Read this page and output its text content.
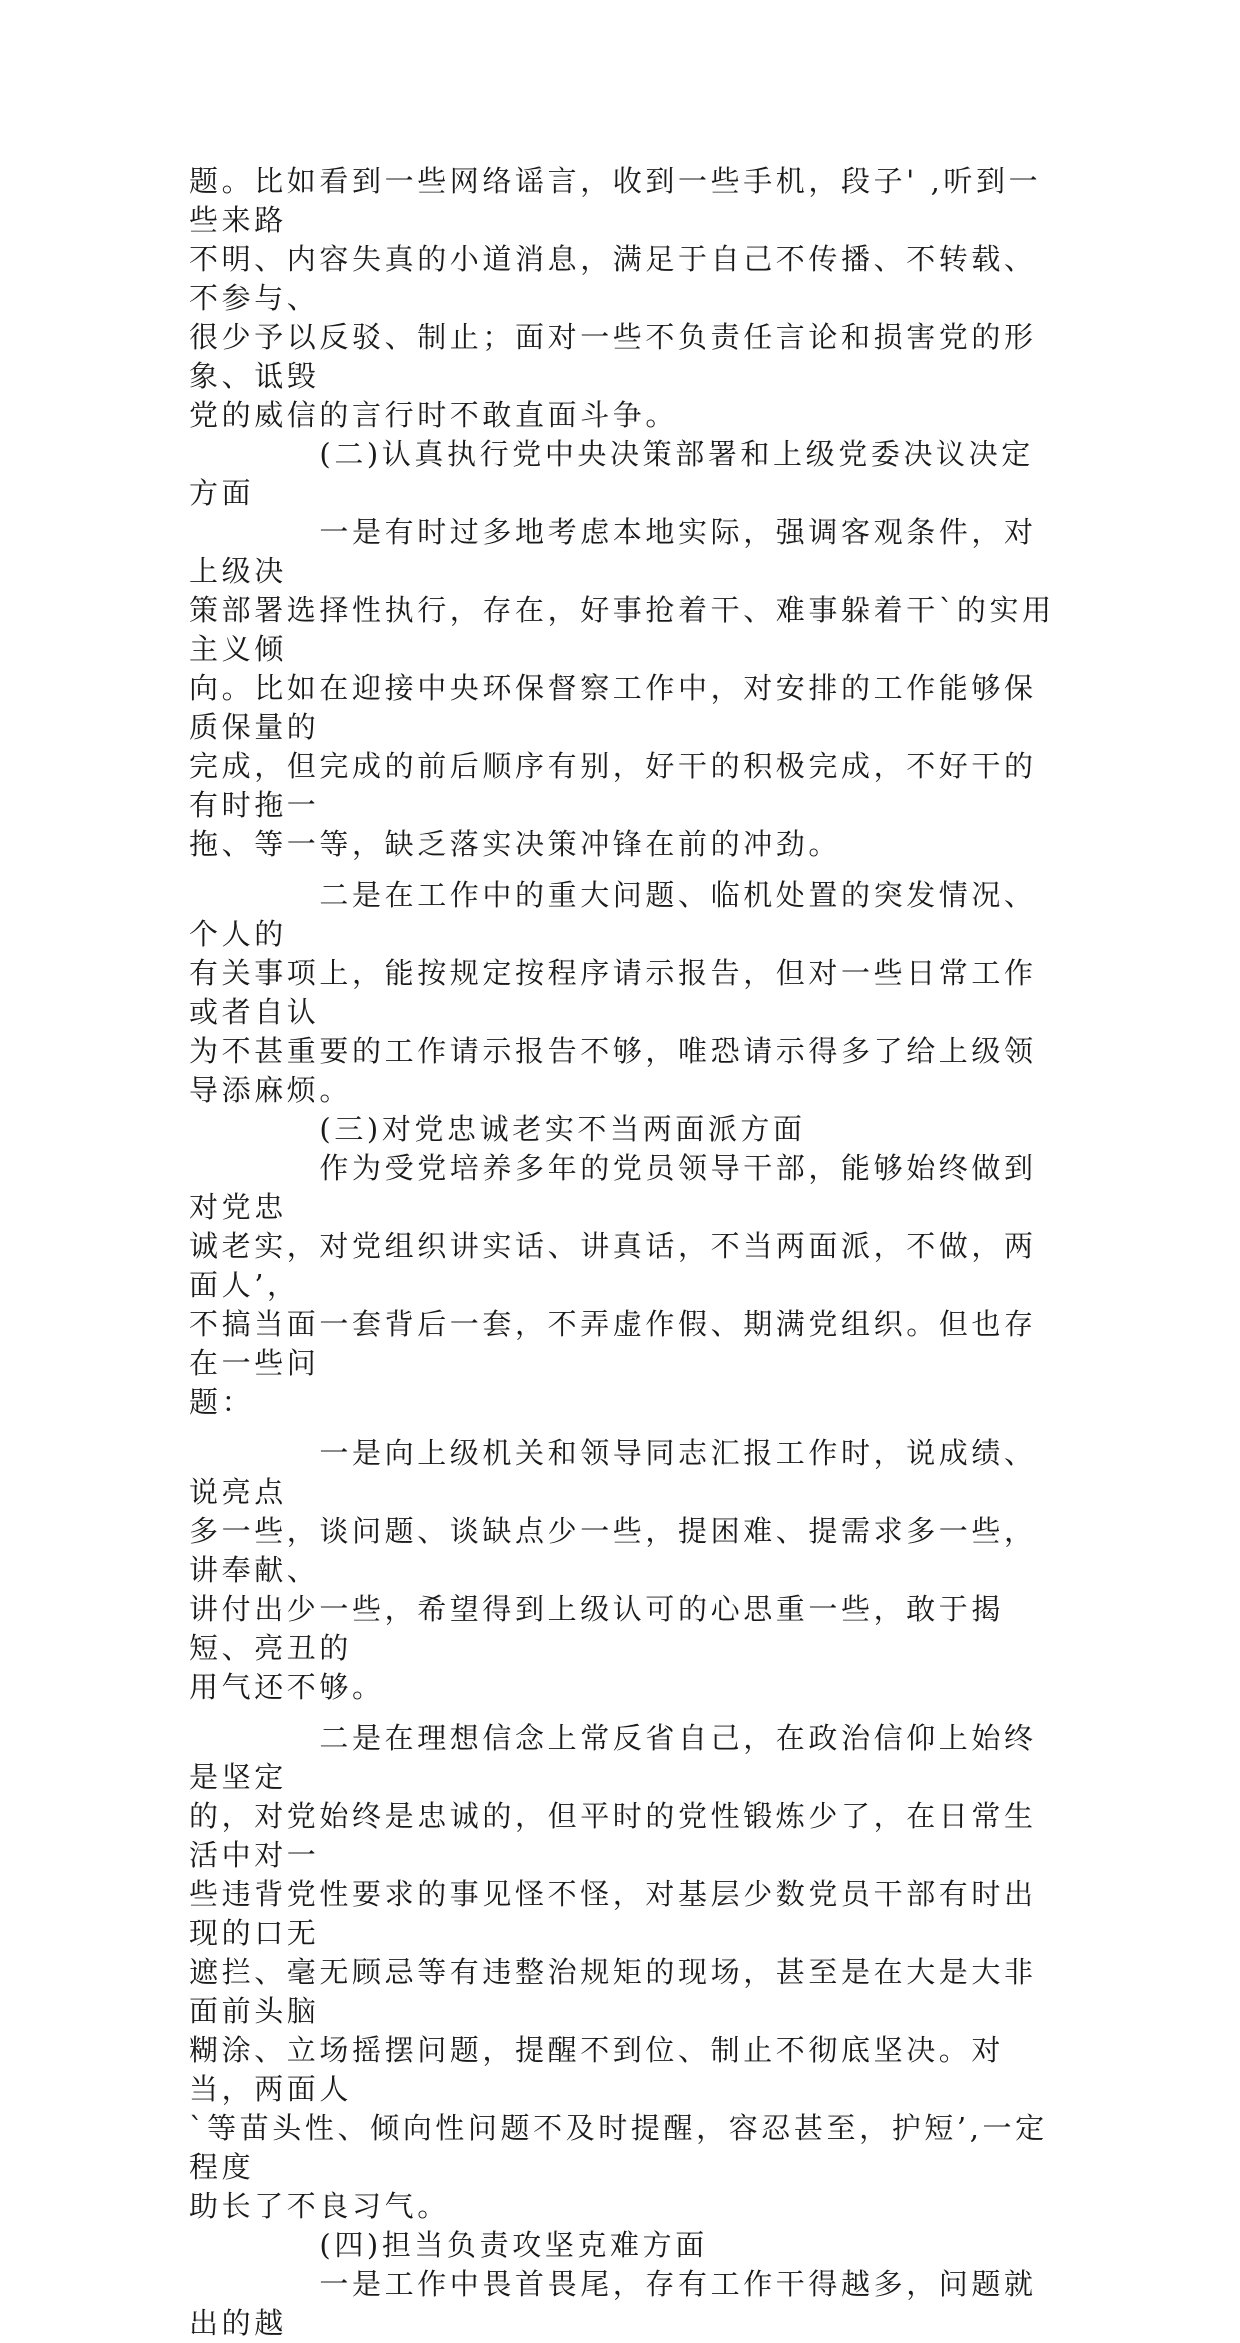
题。比如看到一些网络谣言，收到一些手机，段子' ,听到一些来路
不明、内容失真的小道消息，满足于自己不传播、不转载、不参与、
很少予以反驳、制止；面对一些不负责任言论和损害党的形象、诋毁
党的威信的言行时不敢直面斗争。

　　　　(二)认真执行党中央决策部署和上级党委决议决定方面

　　　　一是有时过多地考虑本地实际，强调客观条件，对上级决
策部署选择性执行，存在，好事抢着干、难事躲着干`的实用主义倾
向。比如在迎接中央环保督察工作中，对安排的工作能够保质保量的
完成，但完成的前后顺序有别，好干的积极完成，不好干的有时拖一
拖、等一等，缺乏落实决策冲锋在前的冲劲。

　　　　二是在工作中的重大问题、临机处置的突发情况、个人的
有关事项上，能按规定按程序请示报告，但对一些日常工作或者自认
为不甚重要的工作请示报告不够，唯恐请示得多了给上级领导添麻烦。

　　　　(三)对党忠诚老实不当两面派方面

　　　　作为受党培养多年的党员领导干部，能够始终做到对党忠
诚老实，对党组织讲实话、讲真话，不当两面派，不做，两面人’，
不搞当面一套背后一套，不弄虚作假、期满党组织。但也存在一些问
题：

　　　　一是向上级机关和领导同志汇报工作时，说成绩、说亮点
多一些，谈问题、谈缺点少一些，提困难、提需求多一些，讲奉献、
讲付出少一些，希望得到上级认可的心思重一些，敢于揭短、亮丑的
用气还不够。

　　　　二是在理想信念上常反省自己，在政治信仰上始终是坚定
的，对党始终是忠诚的，但平时的党性锻炼少了，在日常生活中对一
些违背党性要求的事见怪不怪，对基层少数党员干部有时出现的口无
遮拦、毫无顾忌等有违整治规矩的现场，甚至是在大是大非面前头脑
糊涂、立场摇摆问题，提醒不到位、制止不彻底坚决。对当，两面人
`等苗头性、倾向性问题不及时提醒，容忍甚至，护短’,一定程度
助长了不良习气。

　　　　(四)担当负责攻坚克难方面

　　　　一是工作中畏首畏尾，存有工作干得越多，问题就出的越
